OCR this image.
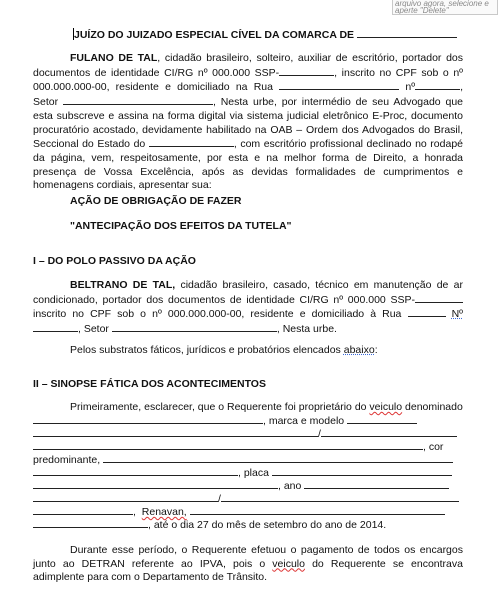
arquivo agora, selecione e
aperte "Delete"
JUÍZO DO JUIZADO ESPECIAL CÍVEL DA COMARCA DE
FULANO DE TAL, cidadão brasileiro, solteiro, auxiliar de escritório, portador dos documentos de identidade CI/RG nº 000.000 SSP-	, inscrito no CPF sob o nº 000.000.000-00, residente e domiciliado na Rua	nº	, Setor	, Nesta urbe, por intermédio de seu Advogado que esta subscreve e assina na forma digital via sistema judicial eletrônico E-Proc, documento procuratório acostado, devidamente habilitado na OAB – Ordem dos Advogados do Brasil, Seccional do Estado do	, com escritório profissional declinado no rodapé da página, vem, respeitosamente, por esta e na melhor forma de Direito, a honrada presença de Vossa Excelência, após as devidas formalidades de cumprimentos e homenagens cordiais, apresentar sua:
AÇÃO DE OBRIGAÇÃO DE FAZER
"ANTECIPAÇÃO DOS EFEITOS DA TUTELA"
I – DO POLO PASSIVO DA AÇÃO
BELTRANO DE TAL, cidadão brasileiro, casado, técnico em manutenção de ar condicionado, portador dos documentos de identidade CI/RG nº 000.000 SSP- inscrito no CPF sob o nº 000.000.000-00, residente e domiciliado à Rua	Nº , Setor	, Nesta urbe.
Pelos substratos fáticos, jurídicos e probatórios elencados abaixo:
II – SINOPSE FÁTICA DOS ACONTECIMENTOS
Primeiramente, esclarecer, que o Requerente foi proprietário do veiculo denominado
, marca e modelo
/
, cor
predominante,
, placa
, ano
/
,  Renavan,
, até o dia 27 do mês de setembro do ano de 2014.
Durante esse período, o Requerente efetuou o pagamento de todos os encargos junto ao DETRAN referente ao IPVA, pois o veiculo do Requerente se encontrava adimplente para com o Departamento de Trânsito.
